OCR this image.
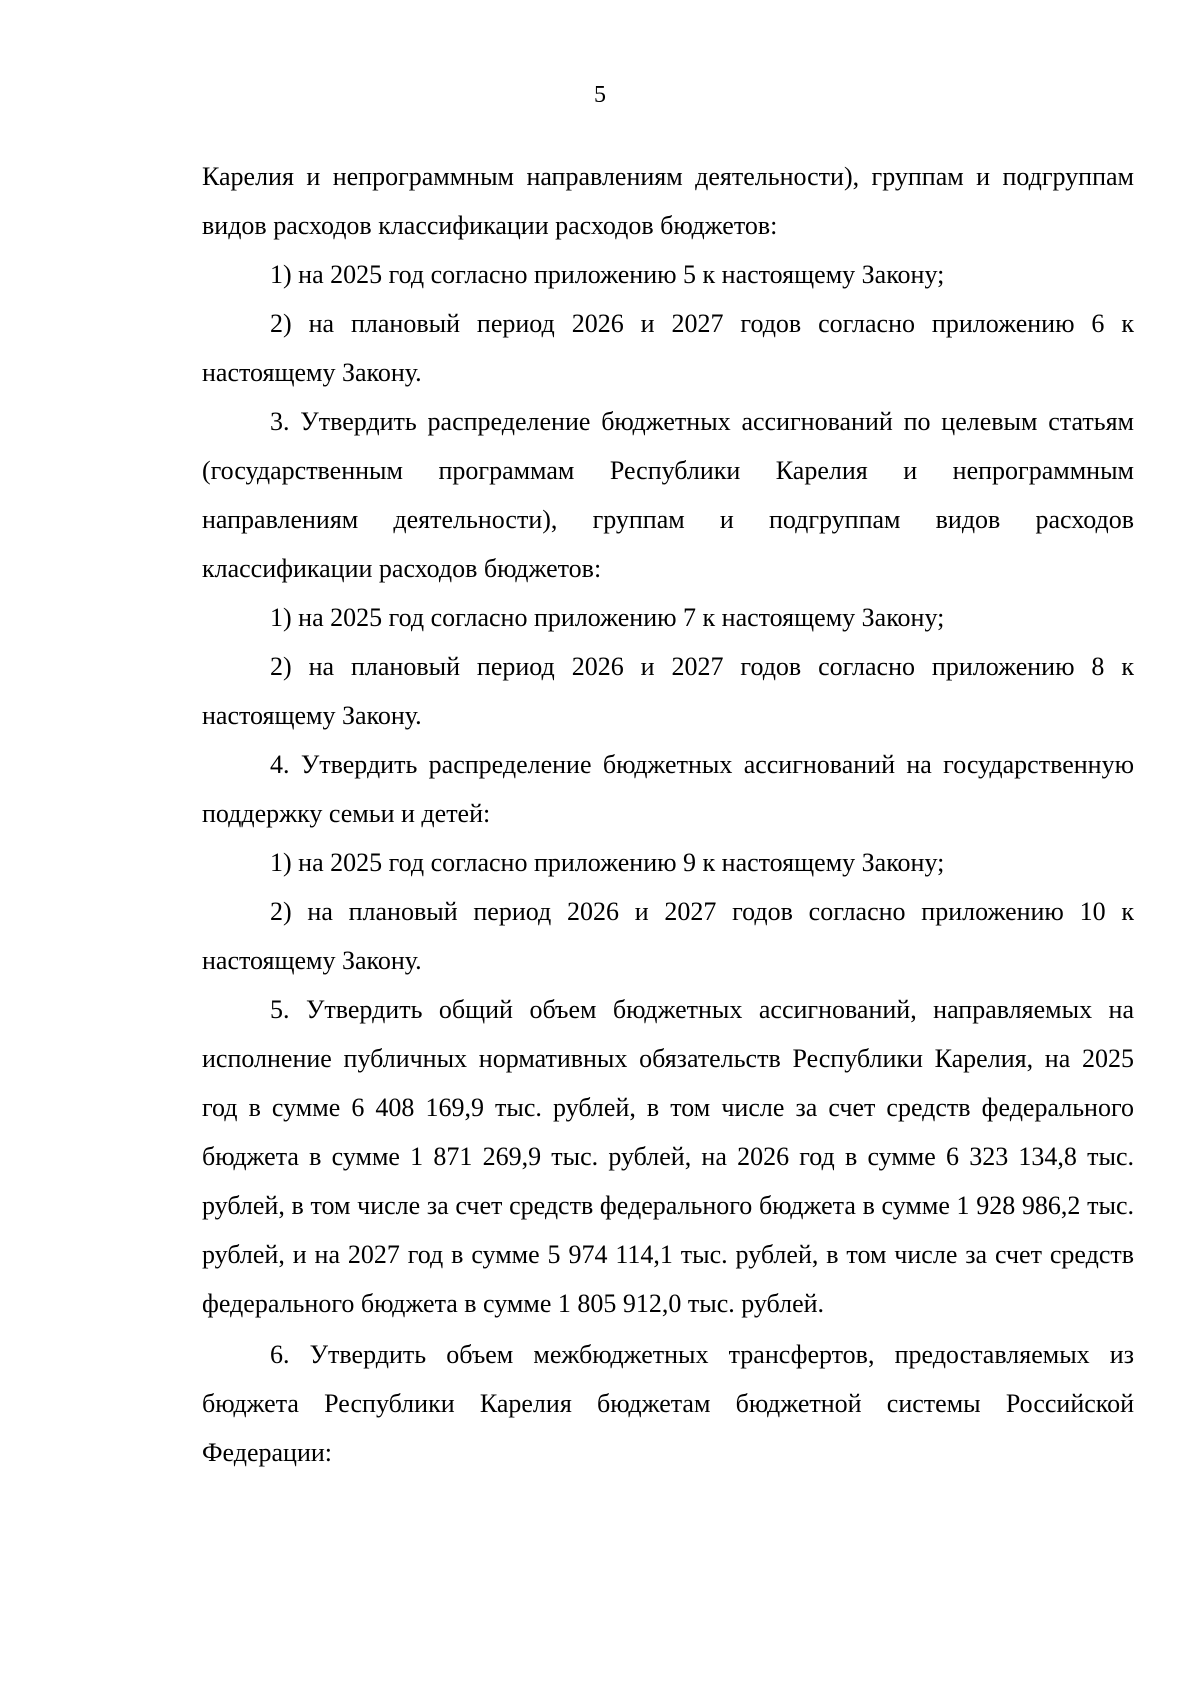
5

Карелия и непрограммным направлениям деятельности), группам и подгруппам видов расходов классификации расходов бюджетов:

1) на 2025 год согласно приложению 5 к настоящему Закону;

2) на плановый период 2026 и 2027 годов согласно приложению 6 к настоящему Закону.

3. Утвердить распределение бюджетных ассигнований по целевым статьям (государственным программам Республики Карелия и непрограммным направлениям деятельности), группам и подгруппам видов расходов классификации расходов бюджетов:

1) на 2025 год согласно приложению 7 к настоящему Закону;

2) на плановый период 2026 и 2027 годов согласно приложению 8 к настоящему Закону.

4. Утвердить распределение бюджетных ассигнований на государственную поддержку семьи и детей:

1) на 2025 год согласно приложению 9 к настоящему Закону;

2) на плановый период 2026 и 2027 годов согласно приложению 10 к настоящему Закону.

5. Утвердить общий объем бюджетных ассигнований, направляемых на исполнение публичных нормативных обязательств Республики Карелия, на 2025 год в сумме 6 408 169,9 тыс. рублей, в том числе за счет средств федерального бюджета в сумме 1 871 269,9 тыс. рублей, на 2026 год в сумме 6 323 134,8 тыс. рублей, в том числе за счет средств федерального бюджета в сумме 1 928 986,2 тыс. рублей, и на 2027 год в сумме 5 974 114,1 тыс. рублей, в том числе за счет средств федерального бюджета в сумме 1 805 912,0 тыс. рублей.

6. Утвердить объем межбюджетных трансфертов, предоставляемых из бюджета Республики Карелия бюджетам бюджетной системы Российской Федерации:
